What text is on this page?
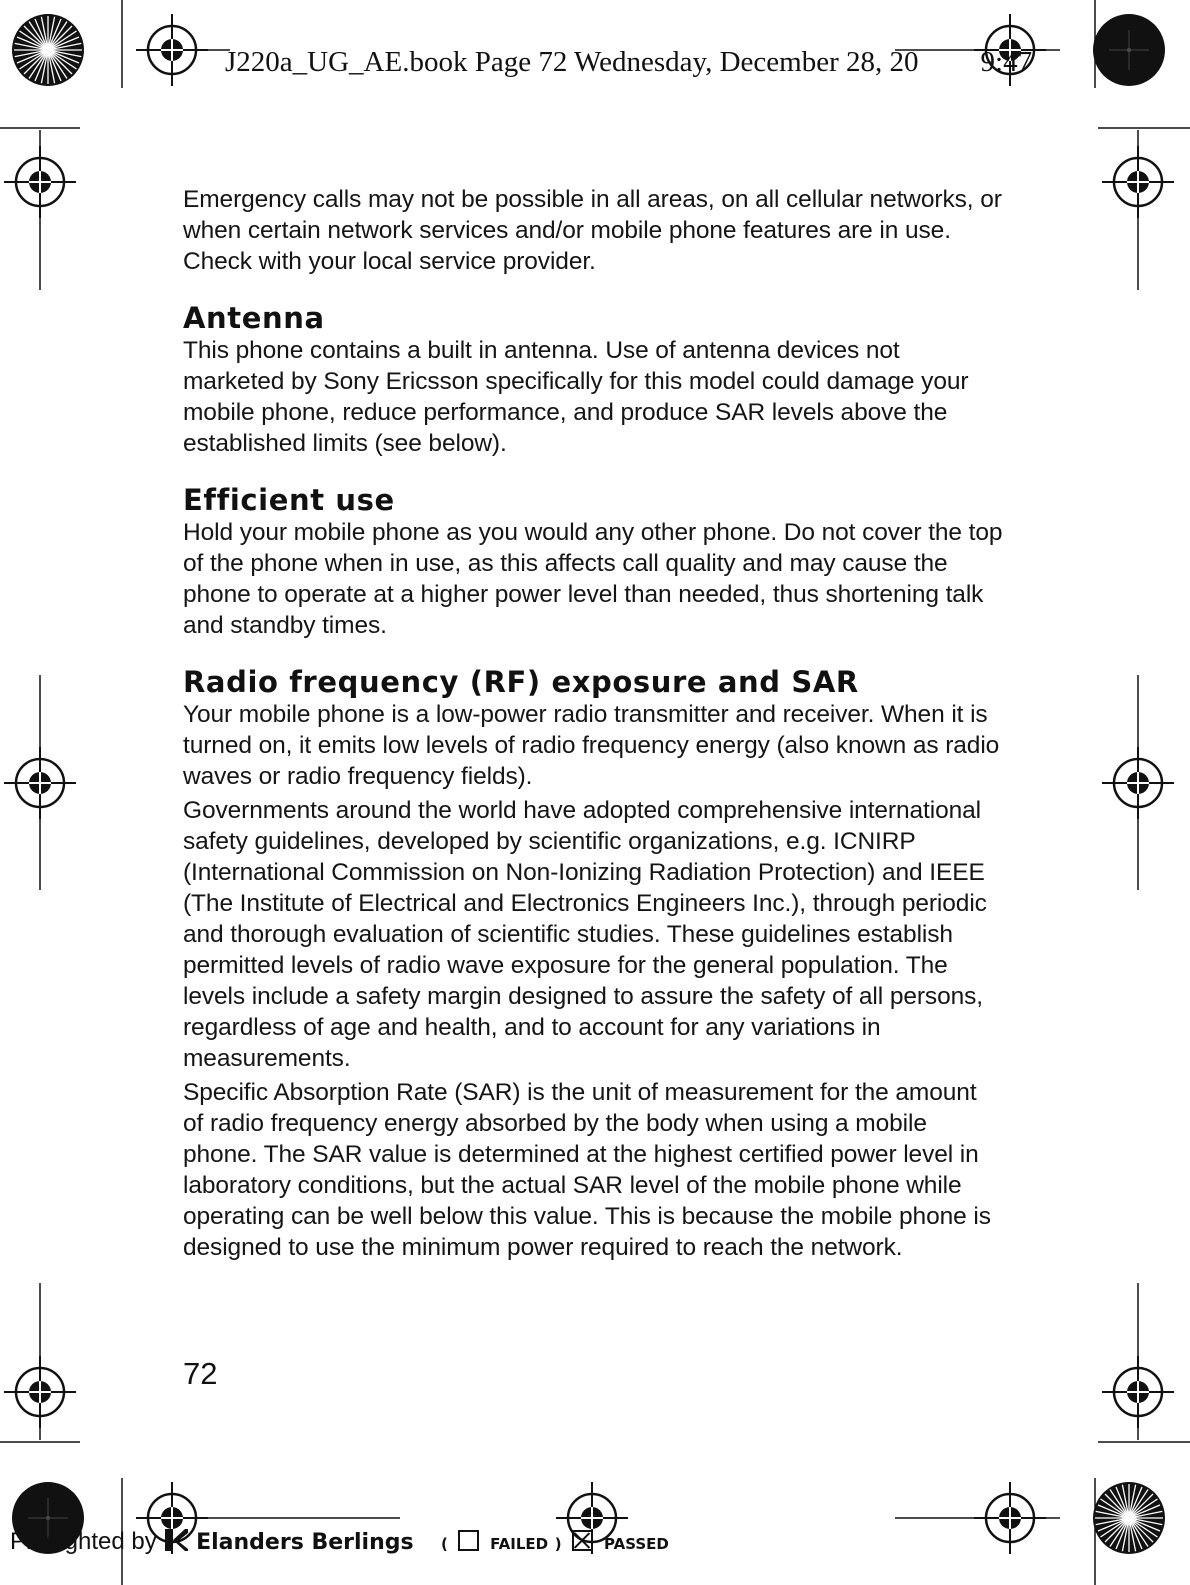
J220a_UG_AE.book Page 72 Wednesday, December 28, 20 9:47

Emergency calls may not be possible in all areas, on all cellular networks, or when certain network services and/or mobile phone features are in use. Check with your local service provider.

Antenna

This phone contains a built in antenna. Use of antenna devices not marketed by Sony Ericsson specifically for this model could damage your mobile phone, reduce performance, and produce SAR levels above the established limits (see below).

Efficient use

Hold your mobile phone as you would any other phone. Do not cover the top of the phone when in use, as this affects call quality and may cause the phone to operate at a higher power level than needed, thus shortening talk and standby times.

Radio frequency (RF) exposure and SAR

Your mobile phone is a low-power radio transmitter and receiver. When it is turned on, it emits low levels of radio frequency energy (also known as radio waves or radio frequency fields).

Governments around the world have adopted comprehensive international safety guidelines, developed by scientific organizations, e.g. ICNIRP (International Commission on Non-Ionizing Radiation Protection) and IEEE (The Institute of Electrical and Electronics Engineers Inc.), through periodic and thorough evaluation of scientific studies. These guidelines establish permitted levels of radio wave exposure for the general population. The levels include a safety margin designed to assure the safety of all persons, regardless of age and health, and to account for any variations in measurements.

Specific Absorption Rate (SAR) is the unit of measurement for the amount of radio frequency energy absorbed by the body when using a mobile phone. The SAR value is determined at the highest certified power level in laboratory conditions, but the actual SAR level of the mobile phone while operating can be well below this value. This is because the mobile phone is designed to use the minimum power required to reach the network.

72
Preflighted by Elanders Berlings (	FAILED )	PASSED
